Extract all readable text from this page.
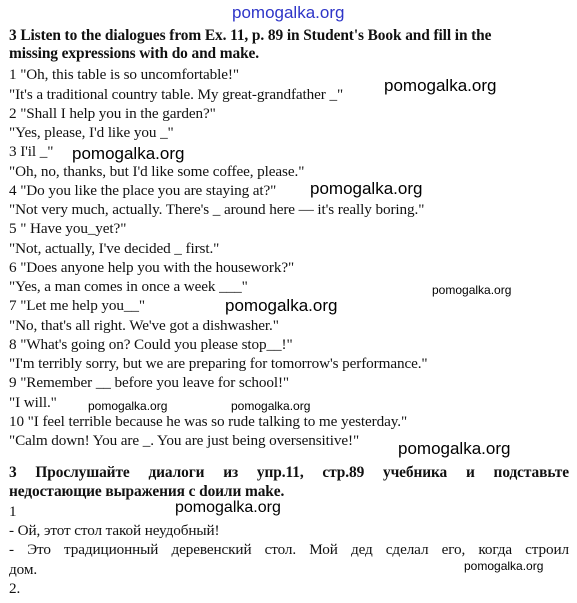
3 Listen to the dialogues from Ex. 11, p. 89 in Student's Book and fill in the
missing expressions with do and make.
1 "Oh, this table is so uncomfortable!"
"It's a traditional country table. My great-grandfather _"
2 "Shall I help you in the garden?"
"Yes, please, I'd like you _"
3 I'il _"
"Oh, no, thanks, but I'd like some coffee, please."
4 "Do you like the place you are staying at?"
"Not very much, actually. There's _ around here — it's really boring."
5 " Have you_yet?"
"Not, actually, I've decided _ first."
6 "Does anyone help you with the housework?"
"Yes, a man comes in once a week ___"
7 "Let me help you__"
"No, that's all right. We've got a dishwasher."
8 "What's going on? Could you please stop__!"
"I'm terribly sorry, but we are preparing for tomorrow's performance."
9 "Remember __ before you leave for school!"
"I will."
10 "I feel terrible because he was so rude talking to me yesterday."
"Calm down! You are _. You are just being oversensitive!"
3 Прослушайте диалоги из упр.11, стр.89 учебника и подставьте
недостающие выражения с doили make.
1
- Ой, этот стол такой неудобный!
- Это традиционный деревенский стол. Мой дед сделал его, когда строил
дом.
2.
pomogalka.org
pomogalka.org
pomogalka.org
pomogalka.org
pomogalka.org
pomogalka.org
pomogalka.org	pomogalka.org
pomogalka.org
pomogalka.org
pomogalka.org
